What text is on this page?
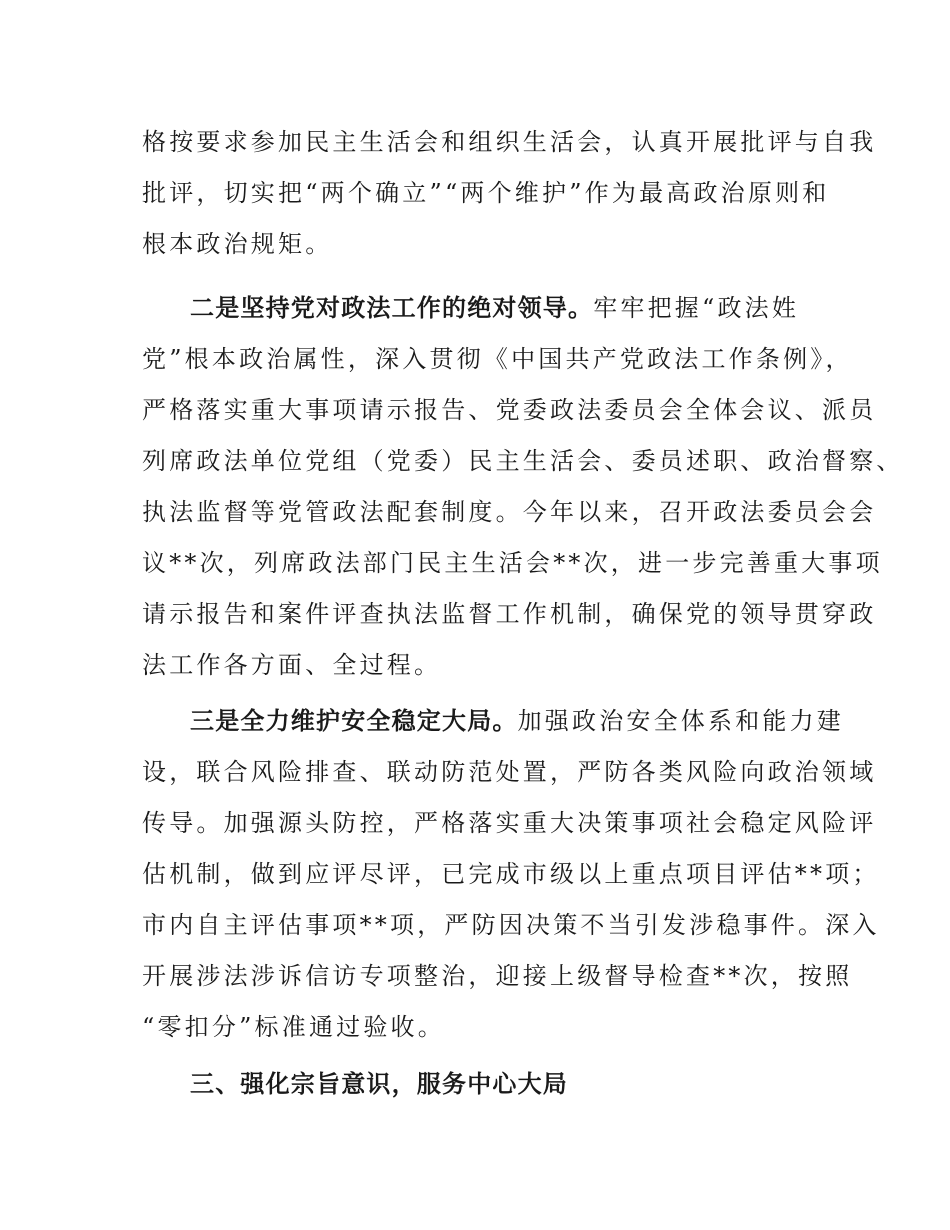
格按要求参加民主生活会和组织生活会，认真开展批评与自我
批评，切实把“两个确立”“两个维护”作为最高政治原则和
根本政治规矩。
二是坚持党对政法工作的绝对领导。牢牢把握“政法姓
党”根本政治属性，深入贯彻《中国共产党政法工作条例》，
严格落实重大事项请示报告、党委政法委员会全体会议、派员
列席政法单位党组（党委）民主生活会、委员述职、政治督察、
执法监督等党管政法配套制度。今年以来，召开政法委员会会
议**次，列席政法部门民主生活会**次，进一步完善重大事项
请示报告和案件评查执法监督工作机制，确保党的领导贯穿政
法工作各方面、全过程。
三是全力维护安全稳定大局。加强政治安全体系和能力建
设，联合风险排查、联动防范处置，严防各类风险向政治领域
传导。加强源头防控，严格落实重大决策事项社会稳定风险评
估机制，做到应评尽评，已完成市级以上重点项目评估**项；
市内自主评估事项**项，严防因决策不当引发涉稳事件。深入
开展涉法涉诉信访专项整治，迎接上级督导检查**次，按照
“零扣分”标准通过验收。
三、强化宗旨意识，服务中心大局
